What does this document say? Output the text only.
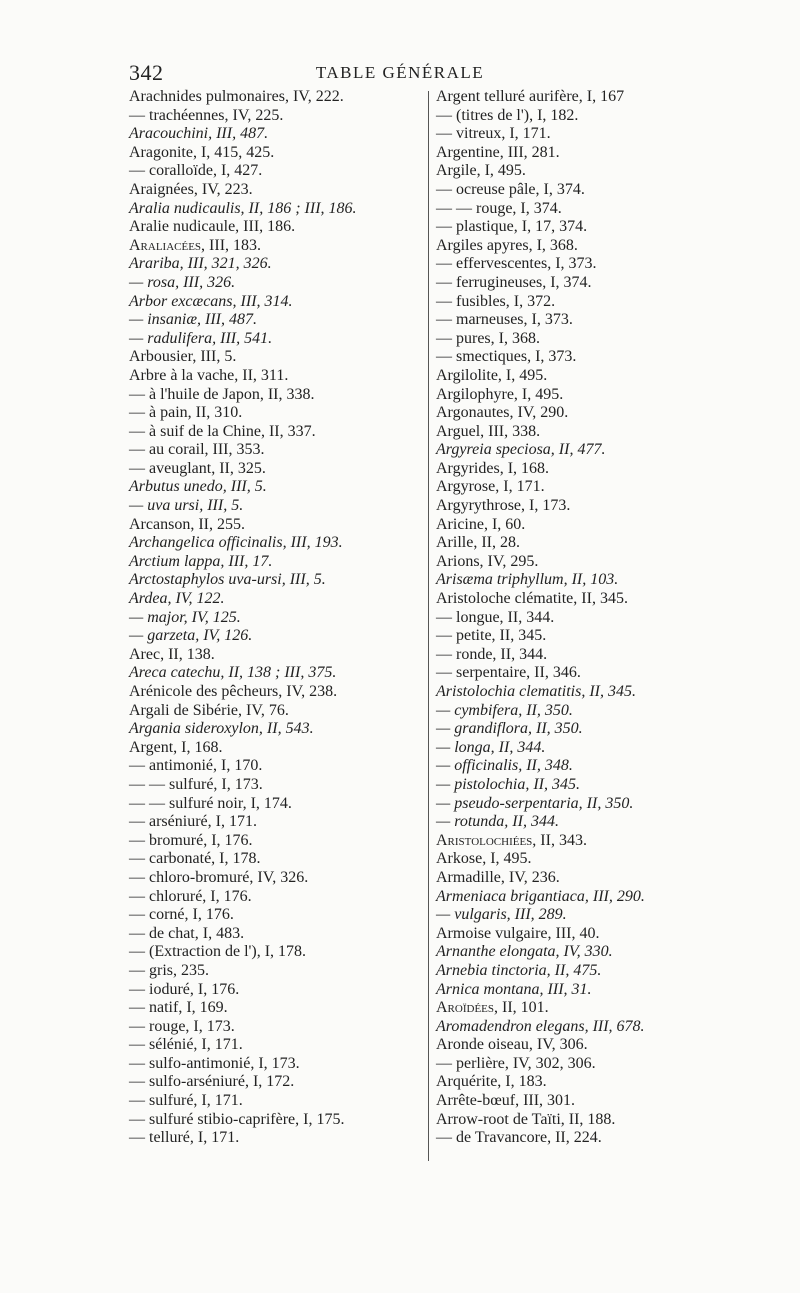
342	TABLE GÉNÉRALE
Arachnides pulmonaires, IV, 222.
— trachéennes, IV, 225.
Aracouchini, III, 487.
Aragonite, I, 415, 425.
— coralloïde, I, 427.
Araignées, IV, 223.
Aralia nudicaulis, II, 186 ; III, 186.
Aralie nudicaule, III, 186.
Araliacées, III, 183.
Arariba, III, 321, 326.
— rosa, III, 326.
Arbor excæcans, III, 314.
— insaniæ, III, 487.
— radulifera, III, 541.
Arbousier, III, 5.
Arbre à la vache, II, 311.
— à l'huile de Japon, II, 338.
— à pain, II, 310.
— à suif de la Chine, II, 337.
— au corail, III, 353.
— aveuglant, II, 325.
Arbutus unedo, III, 5.
— uva ursi, III, 5.
Arcanson, II, 255.
Archangelica officinalis, III, 193.
Arctium lappa, III, 17.
Arctostaphylos uva-ursi, III, 5.
Ardea, IV, 122.
— major, IV, 125.
— garzeta, IV, 126.
Arec, II, 138.
Areca catechu, II, 138 ; III, 375.
Arénicole des pêcheurs, IV, 238.
Argali de Sibérie, IV, 76.
Argania sideroxylon, II, 543.
Argent, I, 168.
— antimonié, I, 170.
— — sulfuré, I, 173.
— — sulfuré noir, I, 174.
— arséniuré, I, 171.
— bromuré, I, 176.
— carbonaté, I, 178.
— chloro-bromuré, IV, 326.
— chloruré, I, 176.
— corné, I, 176.
— de chat, I, 483.
— (Extraction de l'), I, 178.
— gris, 235.
— ioduré, I, 176.
— natif, I, 169.
— rouge, I, 173.
— sélénié, I, 171.
— sulfo-antimonié, I, 173.
— sulfo-arséniuré, I, 172.
— sulfuré, I, 171.
— sulfuré stibio-caprifère, I, 175.
— telluré, I, 171.
Argent telluré aurifère, I, 167
— (titres de l'), I, 182.
— vitreux, I, 171.
Argentine, III, 281.
Argile, I, 495.
— ocreuse pâle, I, 374.
— — rouge, I, 374.
— plastique, I, 17, 374.
Argiles apyres, I, 368.
— effervescentes, I, 373.
— ferrugineuses, I, 374.
— fusibles, I, 372.
— marneuses, I, 373.
— pures, I, 368.
— smectiques, I, 373.
Argilolite, I, 495.
Argilophyre, I, 495.
Argonautes, IV, 290.
Arguel, III, 338.
Argyreia speciosa, II, 477.
Argyrides, I, 168.
Argyrose, I, 171.
Argyrythrose, I, 173.
Aricine, I, 60.
Arille, II, 28.
Arions, IV, 295.
Arisæma triphyllum, II, 103.
Aristoloche clématite, II, 345.
— longue, II, 344.
— petite, II, 345.
— ronde, II, 344.
— serpentaire, II, 346.
Aristolochia clematitis, II, 345.
— cymbifera, II, 350.
— grandiflora, II, 350.
— longa, II, 344.
— officinalis, II, 348.
— pistolochia, II, 345.
— pseudo-serpentaria, II, 350.
— rotunda, II, 344.
Aristolochiées, II, 343.
Arkose, I, 495.
Armadille, IV, 236.
Armeniaca brigantiaca, III, 290.
— vulgaris, III, 289.
Armoise vulgaire, III, 40.
Arnanthe elongata, IV, 330.
Arnebia tinctoria, II, 475.
Arnica montana, III, 31.
Aroïdées, II, 101.
Aromadendron elegans, III, 678.
Aronde oiseau, IV, 306.
— perlière, IV, 302, 306.
Arquérite, I, 183.
Arrête-bœuf, III, 301.
Arrow-root de Taïti, II, 188.
— de Travancore, II, 224.
